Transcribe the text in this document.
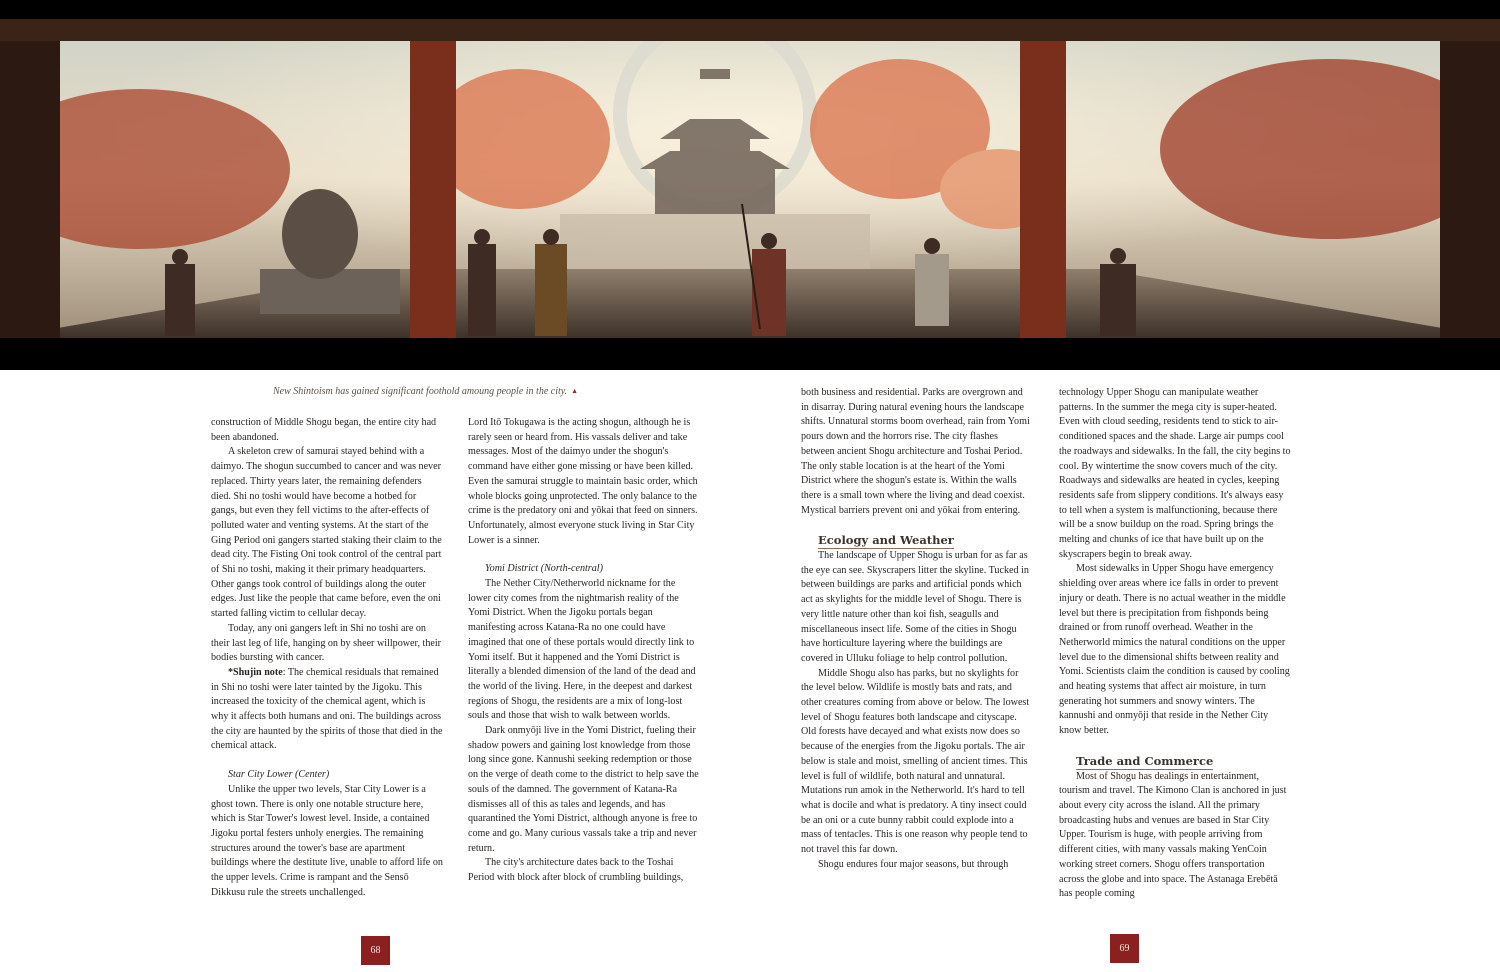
New Shintoism has gained significant foothold amoung people in the city. ▲

construction of Middle Shogu began, the entire city had been abandoned.

A skeleton crew of samurai stayed behind with a daimyo. The shogun succumbed to cancer and was never replaced. Thirty years later, the remaining defenders died. Shi no toshi would have become a hotbed for gangs, but even they fell victims to the after-effects of polluted water and venting systems. At the start of the Ging Period oni gangers started staking their claim to the dead city. The Fisting Oni took control of the central part of Shi no toshi, making it their primary headquarters. Other gangs took control of buildings along the outer edges. Just like the people that came before, even the oni started falling victim to cellular decay.

Today, any oni gangers left in Shi no toshi are on their last leg of life, hanging on by sheer willpower, their bodies bursting with cancer.

*Shujin note: The chemical residuals that remained in Shi no toshi were later tainted by the Jigoku. This increased the toxicity of the chemical agent, which is why it affects both humans and oni. The buildings across the city are haunted by the spirits of those that died in the chemical attack.

Star City Lower (Center)

Unlike the upper two levels, Star City Lower is a ghost town. There is only one notable structure here, which is Star Tower's lowest level. Inside, a contained Jigoku portal festers unholy energies. The remaining structures around the tower's base are apartment buildings where the destitute live, unable to afford life on the upper levels. Crime is rampant and the Sensō Dikkusu rule the streets unchallenged.

Lord Itō Tokugawa is the acting shogun, although he is rarely seen or heard from. His vassals deliver and take messages. Most of the daimyo under the shogun's command have either gone missing or have been killed. Even the samurai struggle to maintain basic order, which whole blocks going unprotected. The only balance to the crime is the predatory oni and yōkai that feed on sinners. Unfortunately, almost everyone stuck living in Star City Lower is a sinner.

Yomi District (North-central)

The Nether City/Netherworld nickname for the lower city comes from the nightmarish reality of the Yomi District. When the Jigoku portals began manifesting across Katana-Ra no one could have imagined that one of these portals would directly link to Yomi itself. But it happened and the Yomi District is literally a blended dimension of the land of the dead and the world of the living. Here, in the deepest and darkest regions of Shogu, the residents are a mix of long-lost souls and those that wish to walk between worlds.

Dark onmyōji live in the Yomi District, fueling their shadow powers and gaining lost knowledge from those long since gone. Kannushi seeking redemption or those on the verge of death come to the district to help save the souls of the damned. The government of Katana-Ra dismisses all of this as tales and legends, and has quarantined the Yomi District, although anyone is free to come and go. Many curious vassals take a trip and never return.

The city's architecture dates back to the Toshai Period with block after block of crumbling buildings,

68

both business and residential. Parks are overgrown and in disarray. During natural evening hours the landscape shifts. Unnatural storms boom overhead, rain from Yomi pours down and the horrors rise. The city flashes between ancient Shogu architecture and Toshai Period. The only stable location is at the heart of the Yomi District where the shogun's estate is. Within the walls there is a small town where the living and dead coexist. Mystical barriers prevent oni and yōkai from entering.

Ecology and Weather

The landscape of Upper Shogu is urban for as far as the eye can see. Skyscrapers litter the skyline. Tucked in between buildings are parks and artificial ponds which act as skylights for the middle level of Shogu. There is very little nature other than koi fish, seagulls and miscellaneous insect life. Some of the cities in Shogu have horticulture layering where the buildings are covered in Ulluku foliage to help control pollution.

Middle Shogu also has parks, but no skylights for the level below. Wildlife is mostly bats and rats, and other creatures coming from above or below. The lowest level of Shogu features both landscape and cityscape. Old forests have decayed and what exists now does so because of the energies from the Jigoku portals. The air below is stale and moist, smelling of ancient times. This level is full of wildlife, both natural and unnatural. Mutations run amok in the Netherworld. It's hard to tell what is docile and what is predatory. A tiny insect could be an oni or a cute bunny rabbit could explode into a mass of tentacles. This is one reason why people tend to not travel this far down.

Shogu endures four major seasons, but through

technology Upper Shogu can manipulate weather patterns. In the summer the mega city is super-heated. Even with cloud seeding, residents tend to stick to air-conditioned spaces and the shade. Large air pumps cool the roadways and sidewalks. In the fall, the city begins to cool. By wintertime the snow covers much of the city. Roadways and sidewalks are heated in cycles, keeping residents safe from slippery conditions. It's always easy to tell when a system is malfunctioning, because there will be a snow buildup on the road. Spring brings the melting and chunks of ice that have built up on the skyscrapers begin to break away.

Most sidewalks in Upper Shogu have emergency shielding over areas where ice falls in order to prevent injury or death. There is no actual weather in the middle level but there is precipitation from fishponds being drained or from runoff overhead. Weather in the Netherworld mimics the natural conditions on the upper level due to the dimensional shifts between reality and Yomi. Scientists claim the condition is caused by cooling and heating systems that affect air moisture, in turn generating hot summers and snowy winters. The kannushi and onmyōji that reside in the Nether City know better.

Trade and Commerce

Most of Shogu has dealings in entertainment, tourism and travel. The Kimono Clan is anchored in just about every city across the island. All the primary broadcasting hubs and venues are based in Star City Upper. Tourism is huge, with people arriving from different cities, with many vassals making YenCoin working street corners. Shogu offers transportation across the globe and into space. The Astanaga Erebētā has people coming

69
